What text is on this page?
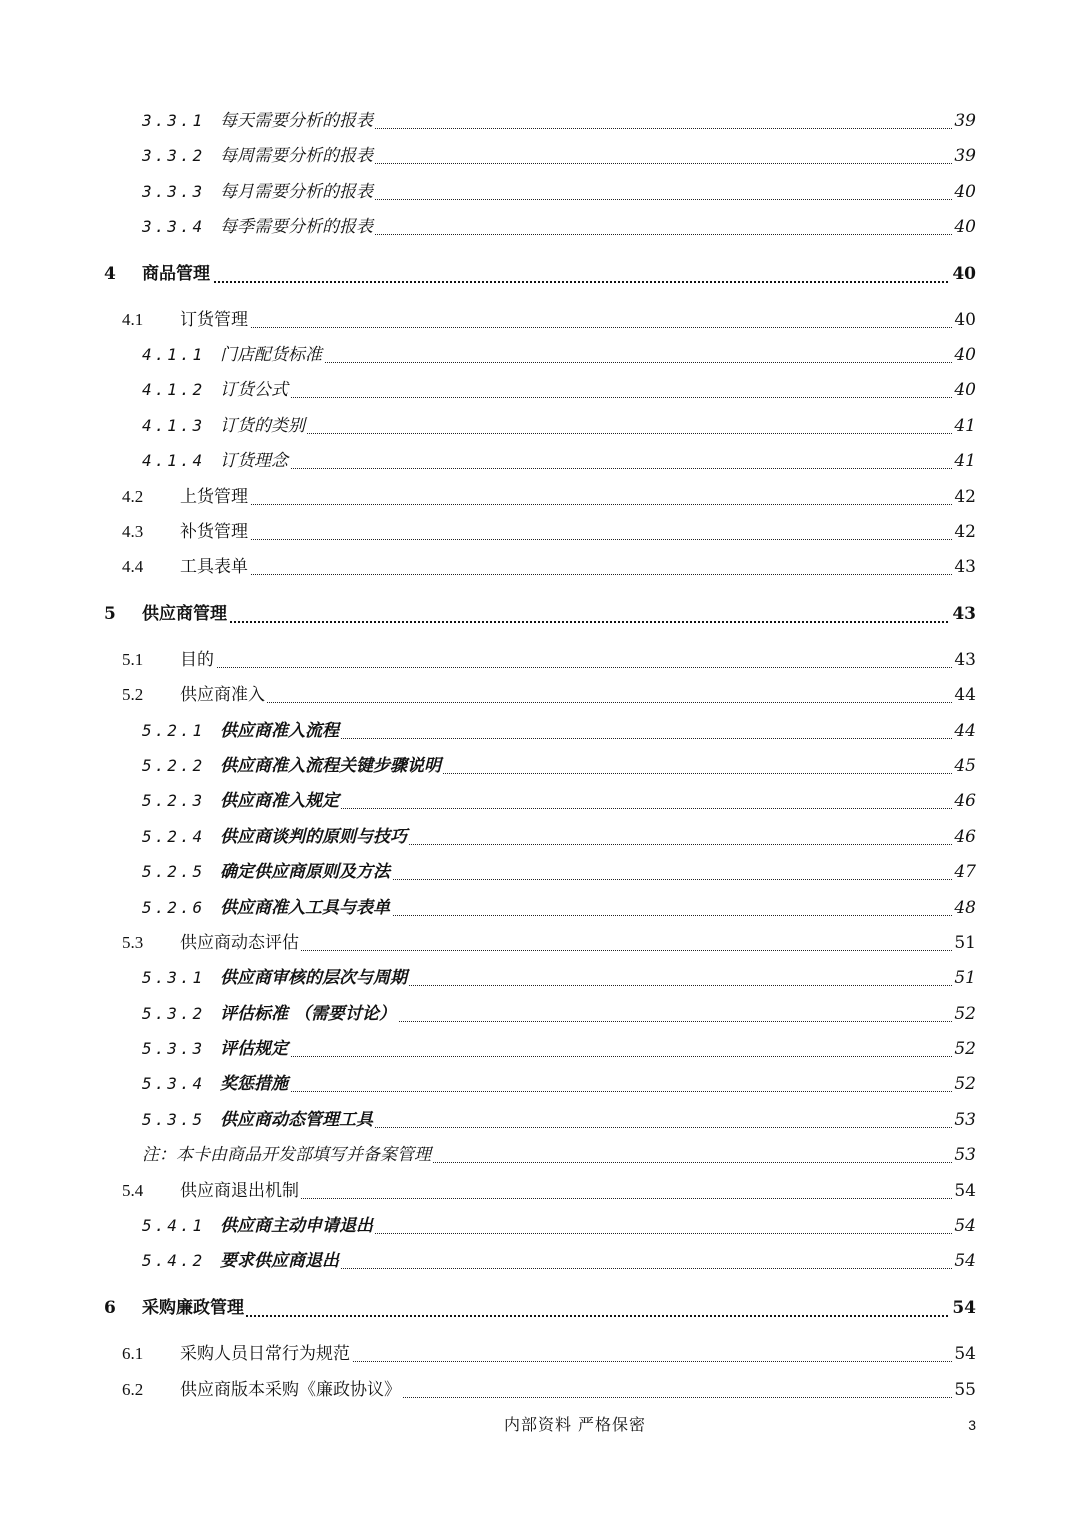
3.3.1 每天需要分析的报表	39
3.3.2 每周需要分析的报表	39
3.3.3 每月需要分析的报表	40
3.3.4 每季需要分析的报表	40
4 商品管理	40
4.1 订货管理	40
4.1.1 门店配货标准	40
4.1.2 订货公式	40
4.1.3 订货的类别	41
4.1.4 订货理念	41
4.2 上货管理	42
4.3 补货管理	42
4.4 工具表单	43
5 供应商管理	43
5.1 目的	43
5.2 供应商准入	44
5.2.1 供应商准入流程	44
5.2.2 供应商准入流程关键步骤说明	45
5.2.3 供应商准入规定	46
5.2.4 供应商谈判的原则与技巧	46
5.2.5 确定供应商原则及方法	47
5.2.6 供应商准入工具与表单	48
5.3 供应商动态评估	51
5.3.1 供应商审核的层次与周期	51
5.3.2 评估标准 （需要讨论）	52
5.3.3 评估规定	52
5.3.4 奖惩措施	52
5.3.5 供应商动态管理工具	53
注：本卡由商品开发部填写并备案管理	53
5.4 供应商退出机制	54
5.4.1 供应商主动申请退出	54
5.4.2 要求供应商退出	54
6 采购廉政管理	54
6.1 采购人员日常行为规范	54
6.2 供应商版本采购《廉政协议》	55
内部资料 严格保密	3
